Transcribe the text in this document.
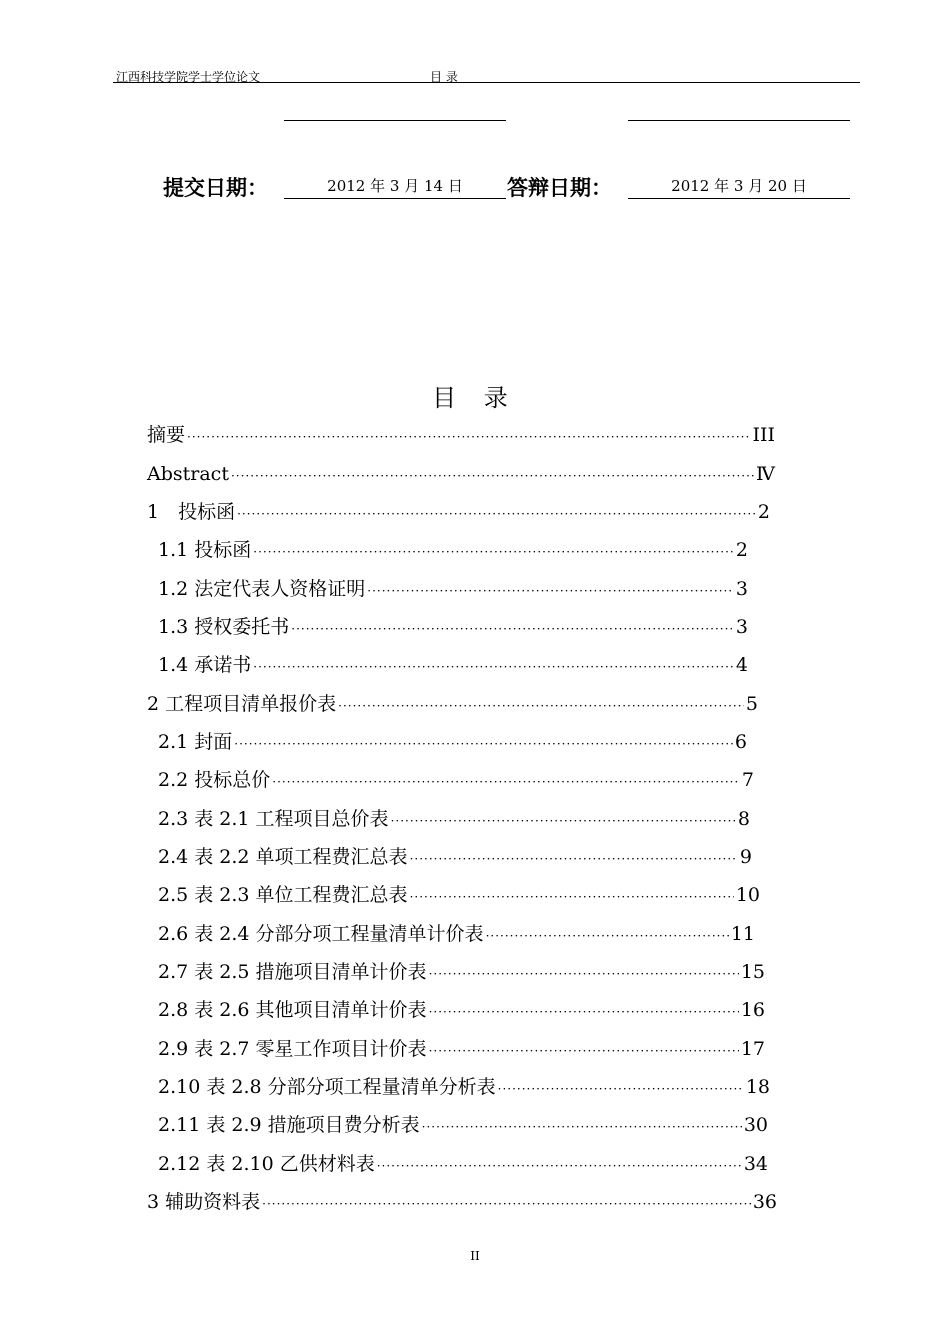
江西科技学院学士学位论文	目 录
提交日期：	2012 年 3 月 14 日	答辩日期：	2012 年 3 月 20 日
目 录
摘要 ·····	III
Abstract ·····	Ⅳ
1　投标函 ·····	2
1.1 投标函 ·····	2
1.2 法定代表人资格证明 ·····	3
1.3 授权委托书 ·····	3
1.4 承诺书 ·····	4
2 工程项目清单报价表 ·····	5
2.1 封面 ·····	6
2.2 投标总价 ·····	7
2.3 表 2.1 工程项目总价表 ·····	8
2.4 表 2.2 单项工程费汇总表 ·····	9
2.5 表 2.3 单位工程费汇总表 ·····	10
2.6 表 2.4 分部分项工程量清单计价表 ·····	11
2.7 表 2.5 措施项目清单计价表 ·····	15
2.8 表 2.6 其他项目清单计价表 ·····	16
2.9 表 2.7 零星工作项目计价表 ·····	17
2.10 表 2.8 分部分项工程量清单分析表 ·····	18
2.11 表 2.9 措施项目费分析表 ·····	30
2.12 表 2.10 乙供材料表 ·····	34
3 辅助资料表 ·····	36
II
